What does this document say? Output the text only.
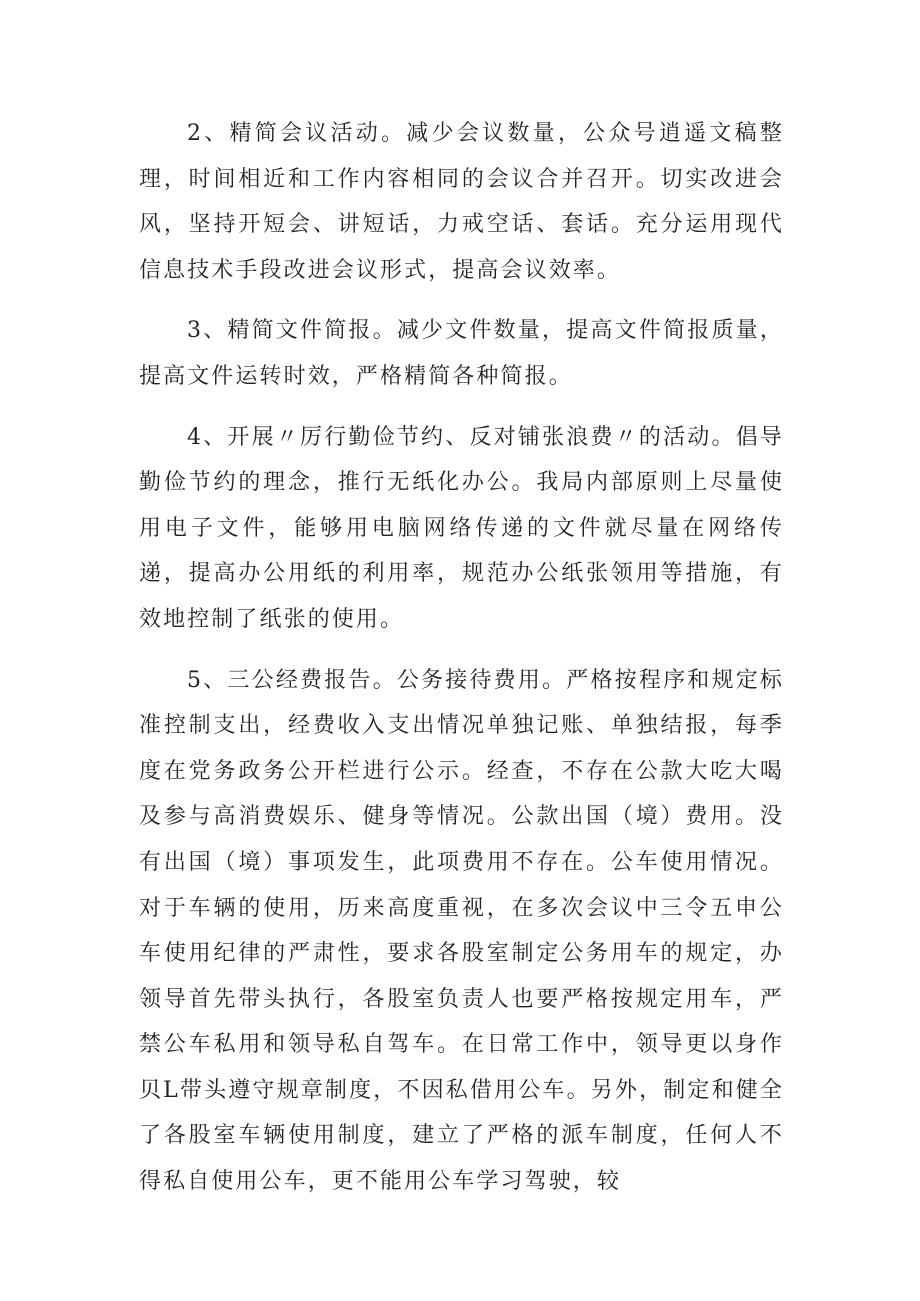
2、精简会议活动。减少会议数量，公众号逍遥文稿整理，时间相近和工作内容相同的会议合并召开。切实改进会风，坚持开短会、讲短话，力戒空话、套话。充分运用现代信息技术手段改进会议形式，提高会议效率。

3、精简文件简报。减少文件数量，提高文件简报质量，提高文件运转时效，严格精简各种简报。

4、开展〃厉行勤俭节约、反对铺张浪费〃的活动。倡导勤俭节约的理念，推行无纸化办公。我局内部原则上尽量使用电子文件，能够用电脑网络传递的文件就尽量在网络传递，提高办公用纸的利用率，规范办公纸张领用等措施，有效地控制了纸张的使用。

5、三公经费报告。公务接待费用。严格按程序和规定标准控制支出，经费收入支出情况单独记账、单独结报，每季度在党务政务公开栏进行公示。经查，不存在公款大吃大喝及参与高消费娱乐、健身等情况。公款出国（境）费用。没有出国（境）事项发生，此项费用不存在。公车使用情况。对于车辆的使用，历来高度重视，在多次会议中三令五申公车使用纪律的严肃性，要求各股室制定公务用车的规定，办领导首先带头执行，各股室负责人也要严格按规定用车，严禁公车私用和领导私自驾车。在日常工作中，领导更以身作贝L带头遵守规章制度，不因私借用公车。另外，制定和健全了各股室车辆使用制度，建立了严格的派车制度，任何人不得私自使用公车，更不能用公车学习驾驶，较
